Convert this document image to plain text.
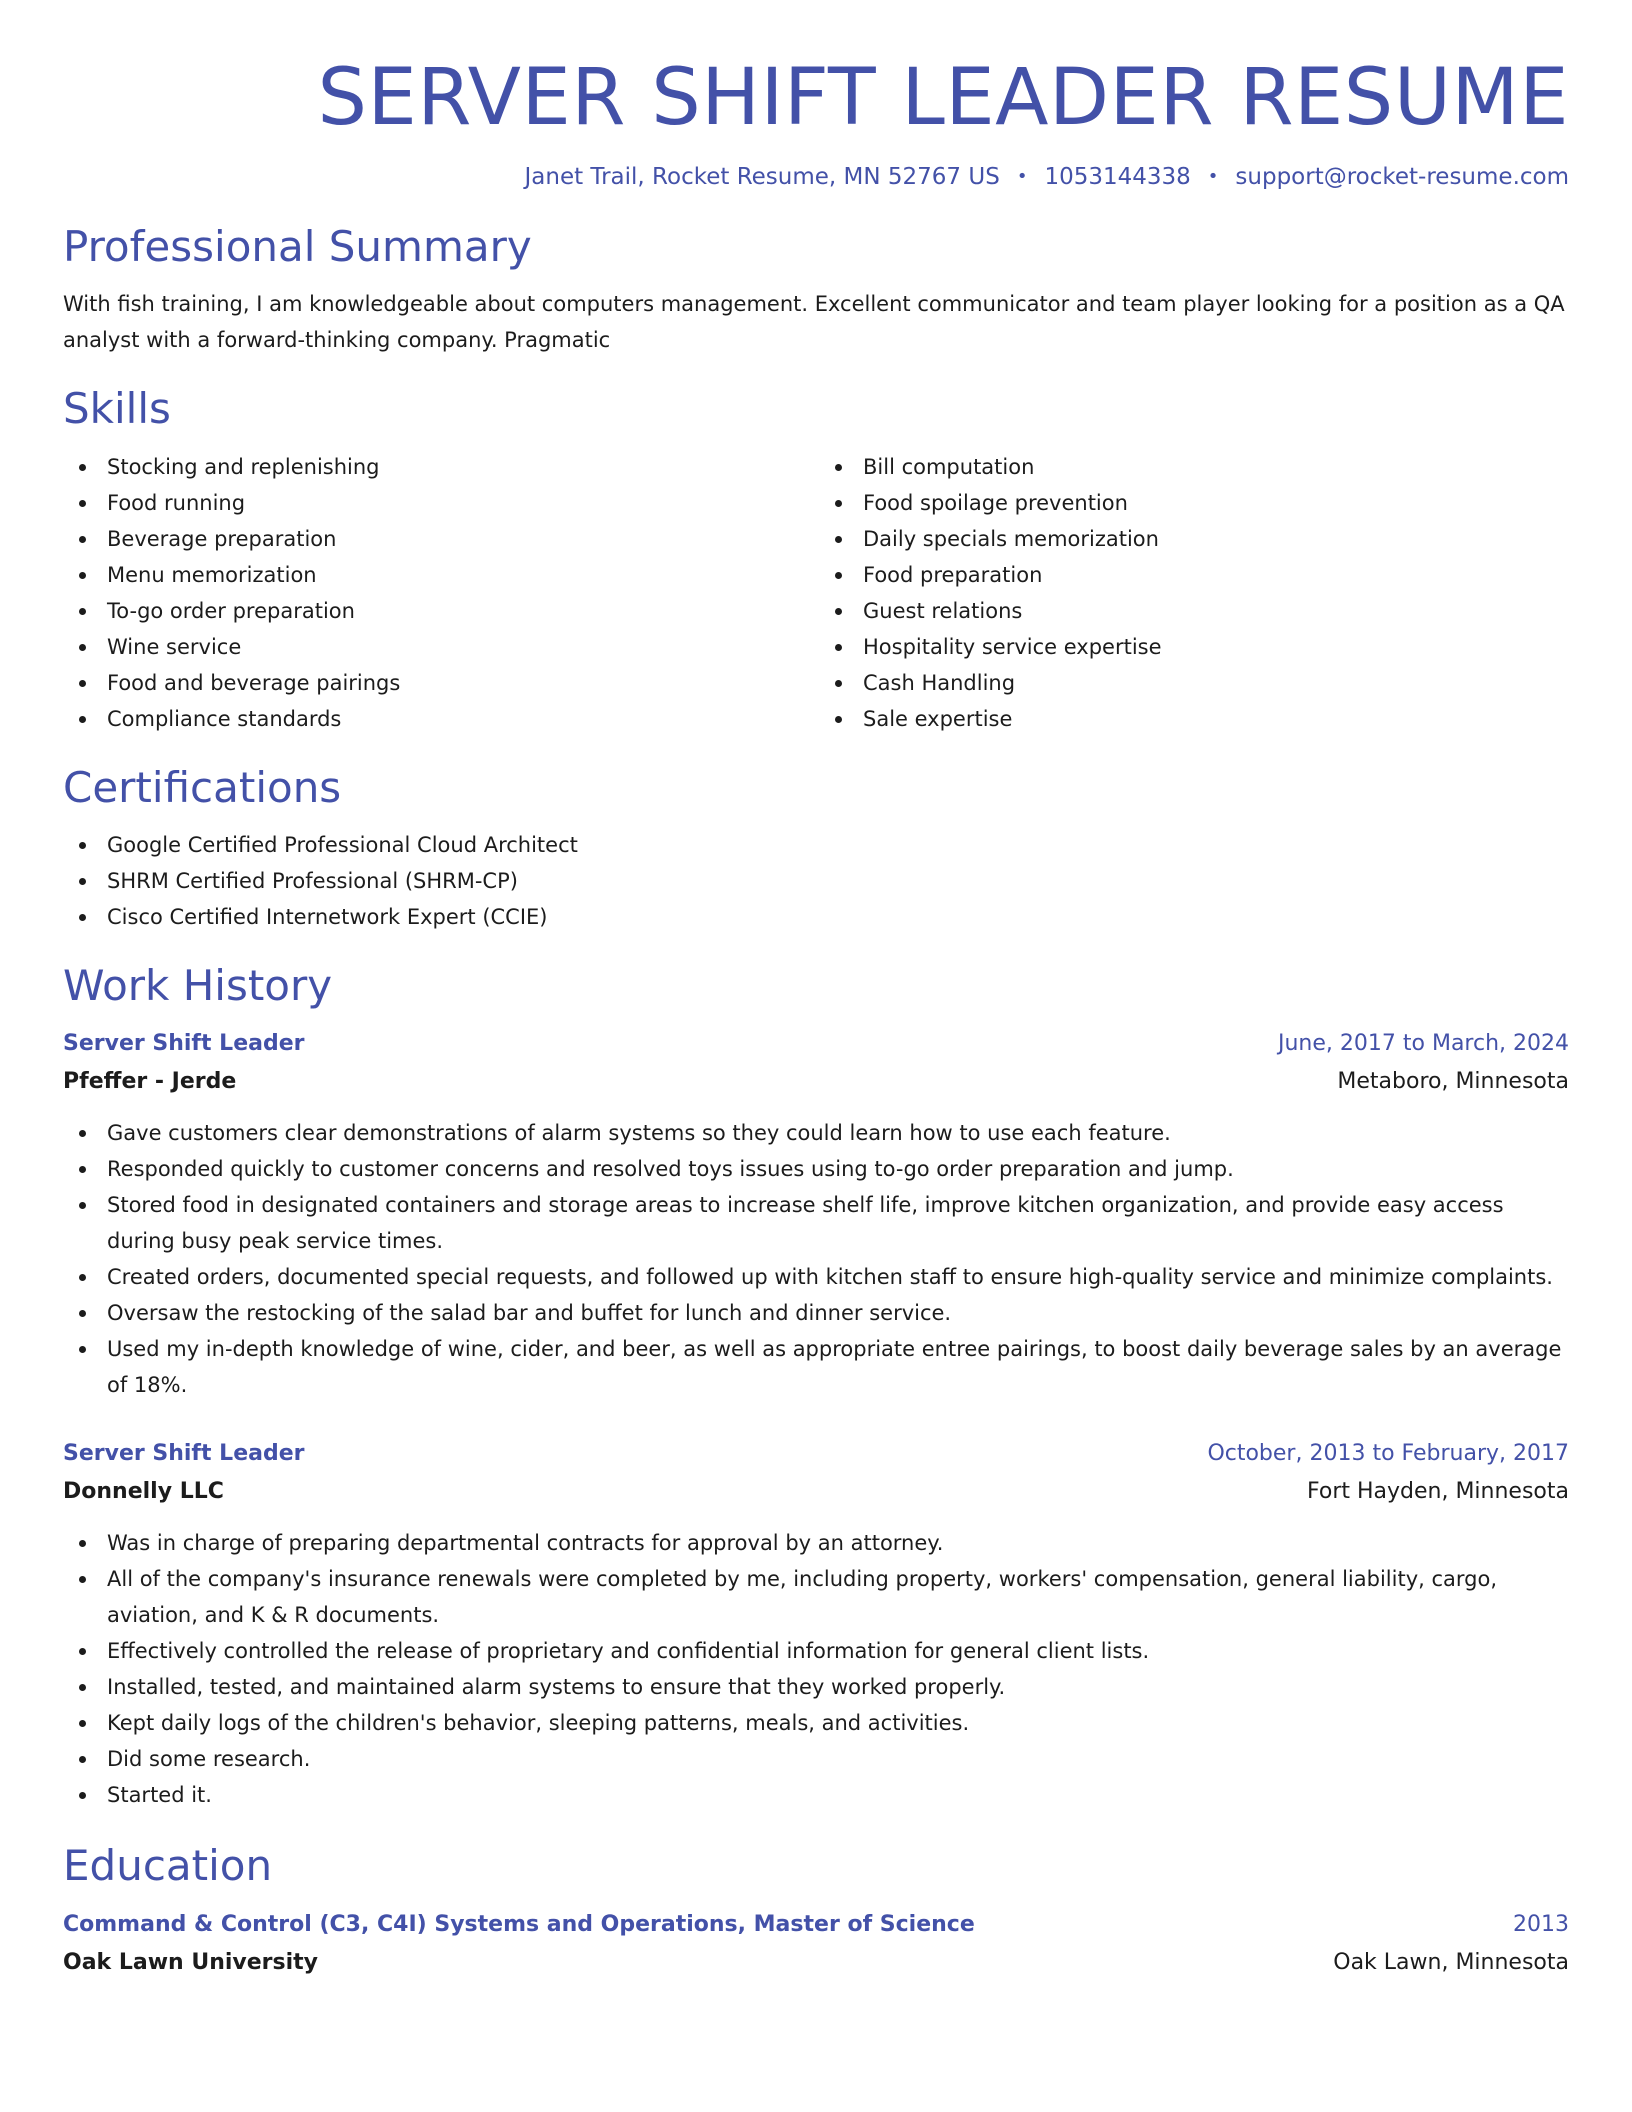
SERVER SHIFT LEADER RESUME
Janet Trail, Rocket Resume, MN 52767 US • 1053144338 • support@rocket-resume.com
Professional Summary

With fish training, I am knowledgeable about computers management. Excellent communicator and team player looking for a position as a QA analyst with a forward-thinking company. Pragmatic

Skills
Stocking and replenishing
Food running
Beverage preparation
Menu memorization
To-go order preparation
Wine service
Food and beverage pairings
Compliance standards
Bill computation
Food spoilage prevention
Daily specials memorization
Food preparation
Guest relations
Hospitality service expertise
Cash Handling
Sale expertise
Certifications
Google Certified Professional Cloud Architect
SHRM Certified Professional (SHRM-CP)
Cisco Certified Internetwork Expert (CCIE)
Work History
Server Shift Leader	June, 2017 to March, 2024
Pfeffer - Jerde	Metaboro, Minnesota
Gave customers clear demonstrations of alarm systems so they could learn how to use each feature.
Responded quickly to customer concerns and resolved toys issues using to-go order preparation and jump.
Stored food in designated containers and storage areas to increase shelf life, improve kitchen organization, and provide easy access during busy peak service times.
Created orders, documented special requests, and followed up with kitchen staff to ensure high-quality service and minimize complaints.
Oversaw the restocking of the salad bar and buffet for lunch and dinner service.
Used my in-depth knowledge of wine, cider, and beer, as well as appropriate entree pairings, to boost daily beverage sales by an average of 18%.
Server Shift Leader	October, 2013 to February, 2017
Donnelly LLC	Fort Hayden, Minnesota
Was in charge of preparing departmental contracts for approval by an attorney.
All of the company's insurance renewals were completed by me, including property, workers' compensation, general liability, cargo, aviation, and K & R documents.
Effectively controlled the release of proprietary and confidential information for general client lists.
Installed, tested, and maintained alarm systems to ensure that they worked properly.
Kept daily logs of the children's behavior, sleeping patterns, meals, and activities.
Did some research.
Started it.
Education
Command & Control (C3, C4I) Systems and Operations, Master of Science	2013
Oak Lawn University	Oak Lawn, Minnesota
